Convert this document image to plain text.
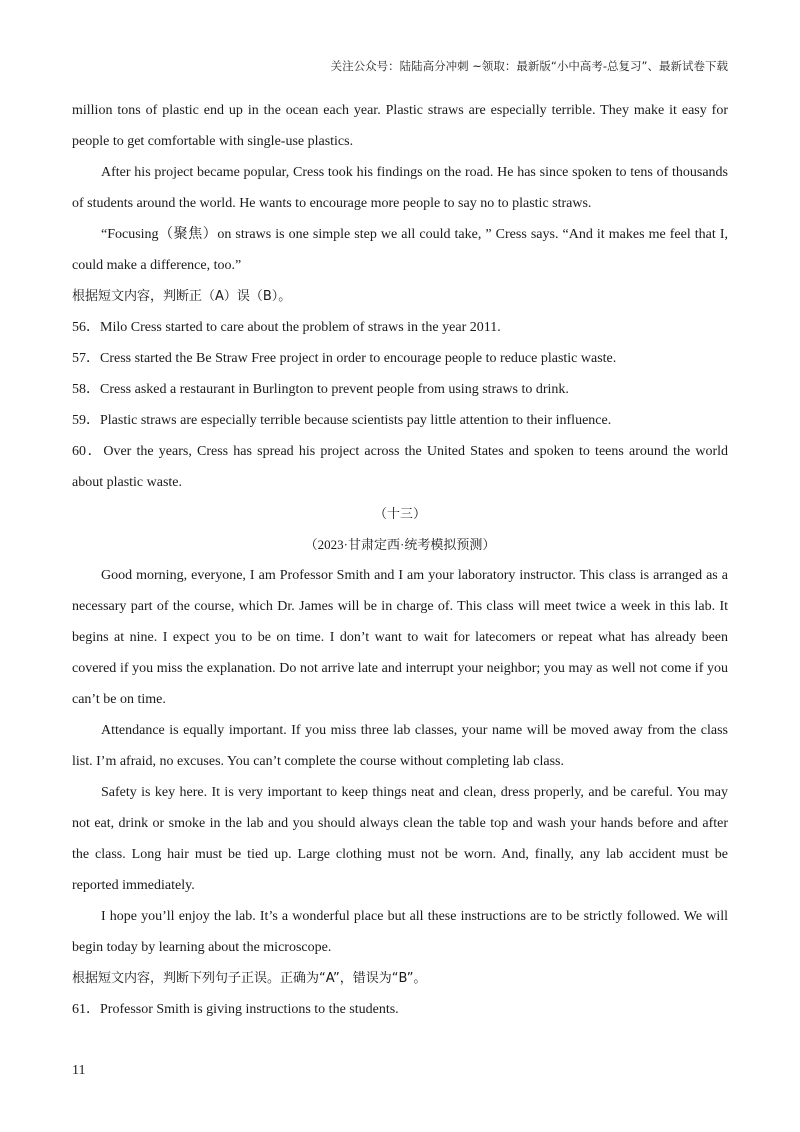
关注公众号：陆陆高分冲刺 ~领取：最新版“小中高考-总复习”、最新试卷下载

million tons of plastic end up in the ocean each year. Plastic straws are especially terrible. They make it easy for people to get comfortable with single-use plastics.

After his project became popular, Cress took his findings on the road. He has since spoken to tens of thousands of students around the world. He wants to encourage more people to say no to plastic straws.

“Focusing（聚焦）on straws is one simple step we all could take, ” Cress says. “And it makes me feel that I, could make a difference, too.”

根据短文内容，判断正（A）误（B）。

56．Milo Cress started to care about the problem of straws in the year 2011.

57．Cress started the Be Straw Free project in order to encourage people to reduce plastic waste.

58．Cress asked a restaurant in Burlington to prevent people from using straws to drink.

59．Plastic straws are especially terrible because scientists pay little attention to their influence.

60．Over the years, Cress has spread his project across the United States and spoken to teens around the world about plastic waste.

（十三）

（2023·甘肃定西·统考模拟预测）

Good morning, everyone, I am Professor Smith and I am your laboratory instructor. This class is arranged as a necessary part of the course, which Dr. James will be in charge of. This class will meet twice a week in this lab. It begins at nine. I expect you to be on time. I don’t want to wait for latecomers or repeat what has already been covered if you miss the explanation. Do not arrive late and interrupt your neighbor; you may as well not come if you can’t be on time.

Attendance is equally important. If you miss three lab classes, your name will be moved away from the class list. I’m afraid, no excuses. You can’t complete the course without completing lab class.

Safety is key here. It is very important to keep things neat and clean, dress properly, and be careful. You may not eat, drink or smoke in the lab and you should always clean the table top and wash your hands before and after the class. Long hair must be tied up. Large clothing must not be worn. And, finally, any lab accident must be reported immediately.

I hope you’ll enjoy the lab. It’s a wonderful place but all these instructions are to be strictly followed. We will begin today by learning about the microscope.

根据短文内容，判断下列句子正误。正确为“A”，错误为“B”。

61．Professor Smith is giving instructions to the students.

11
